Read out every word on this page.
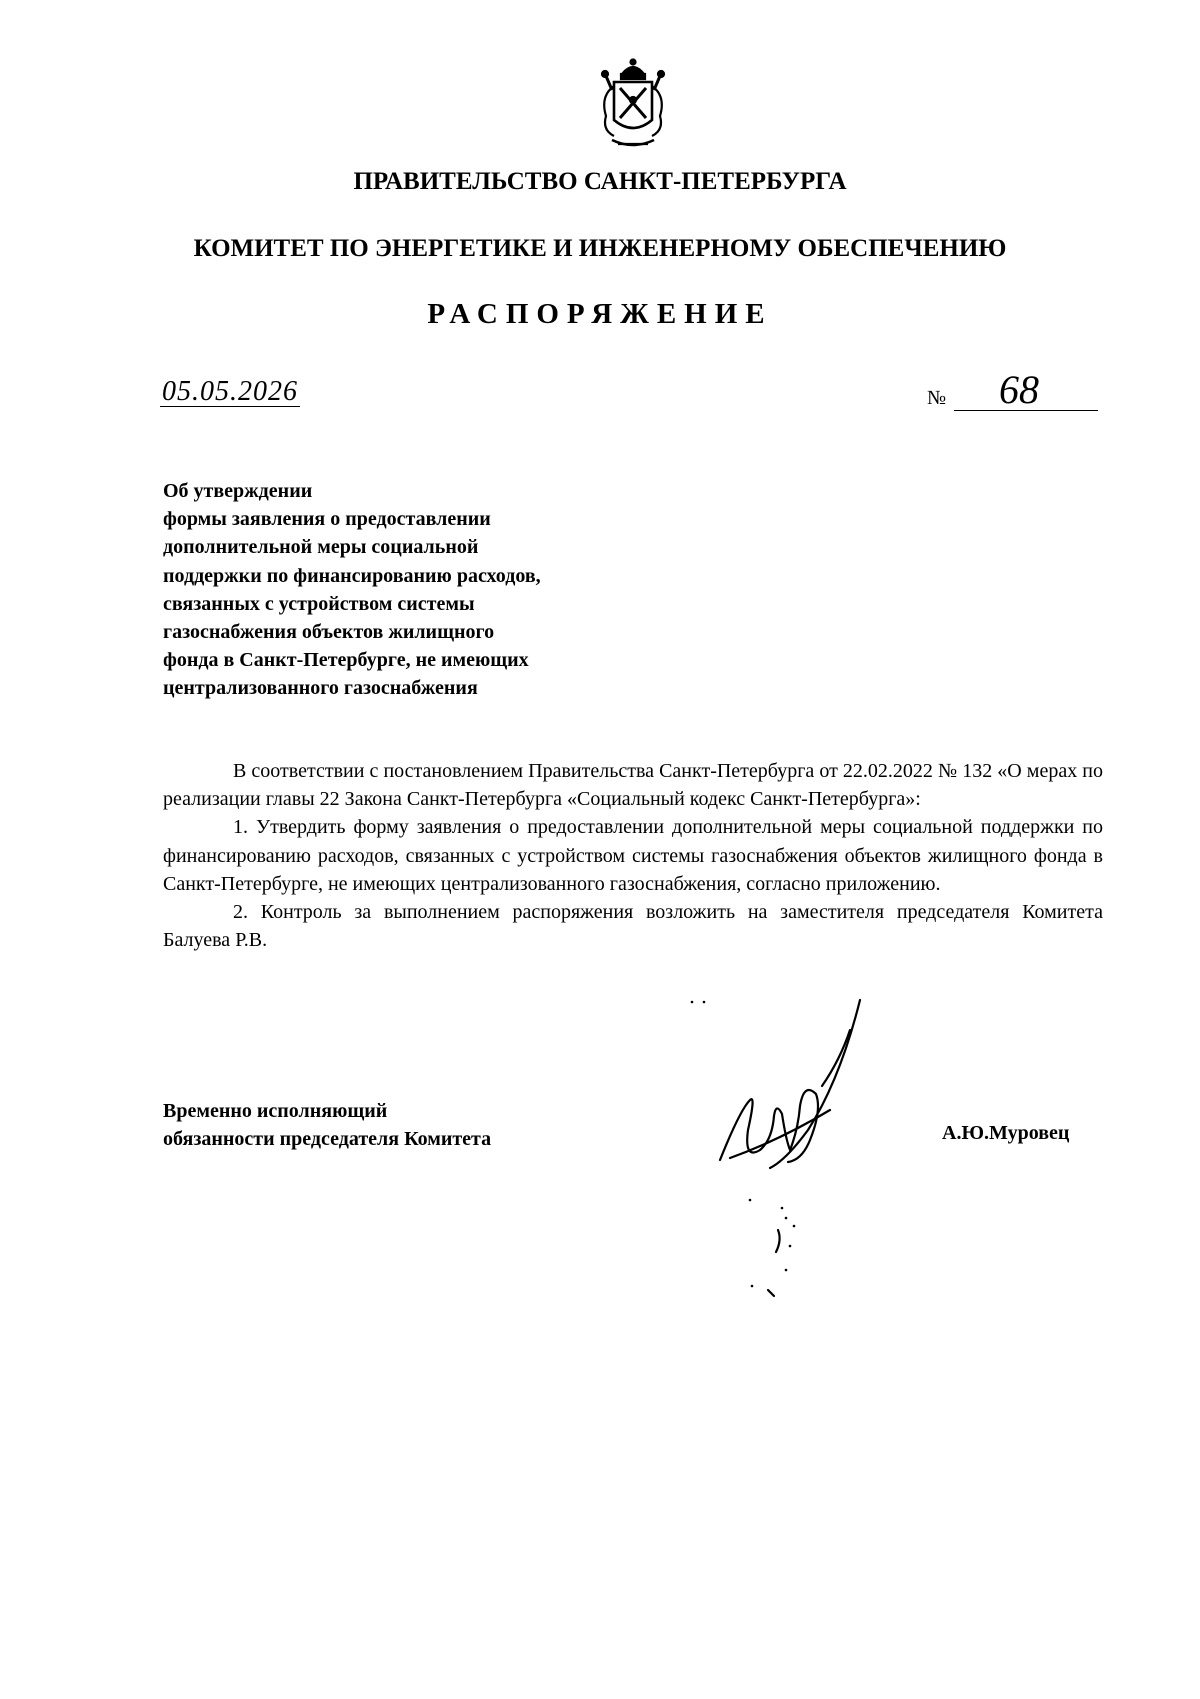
ПРАВИТЕЛЬСТВО САНКТ-ПЕТЕРБУРГА
КОМИТЕТ ПО ЭНЕРГЕТИКЕ И ИНЖЕНЕРНОМУ ОБЕСПЕЧЕНИЮ
РАСПОРЯЖЕНИЕ
05.05.2026	№	68
Об утверждении
формы заявления о предоставлении
дополнительной меры социальной
поддержки по финансированию расходов,
связанных с устройством системы
газоснабжения объектов жилищного
фонда в Санкт-Петербурге, не имеющих
централизованного газоснабжения

В соответствии с постановлением Правительства Санкт-Петербурга от 22.02.2022 № 132 «О мерах по реализации главы 22 Закона Санкт-Петербурга «Социальный кодекс Санкт-Петербурга»:

1. Утвердить форму заявления о предоставлении дополнительной меры социальной поддержки по финансированию расходов, связанных с устройством системы газоснабжения объектов жилищного фонда в Санкт-Петербурге, не имеющих централизованного газоснабжения, согласно приложению.

2. Контроль за выполнением распоряжения возложить на заместителя председателя Комитета Балуева Р.В.

Временно исполняющий
обязанности председателя Комитета	А.Ю.Муровец
